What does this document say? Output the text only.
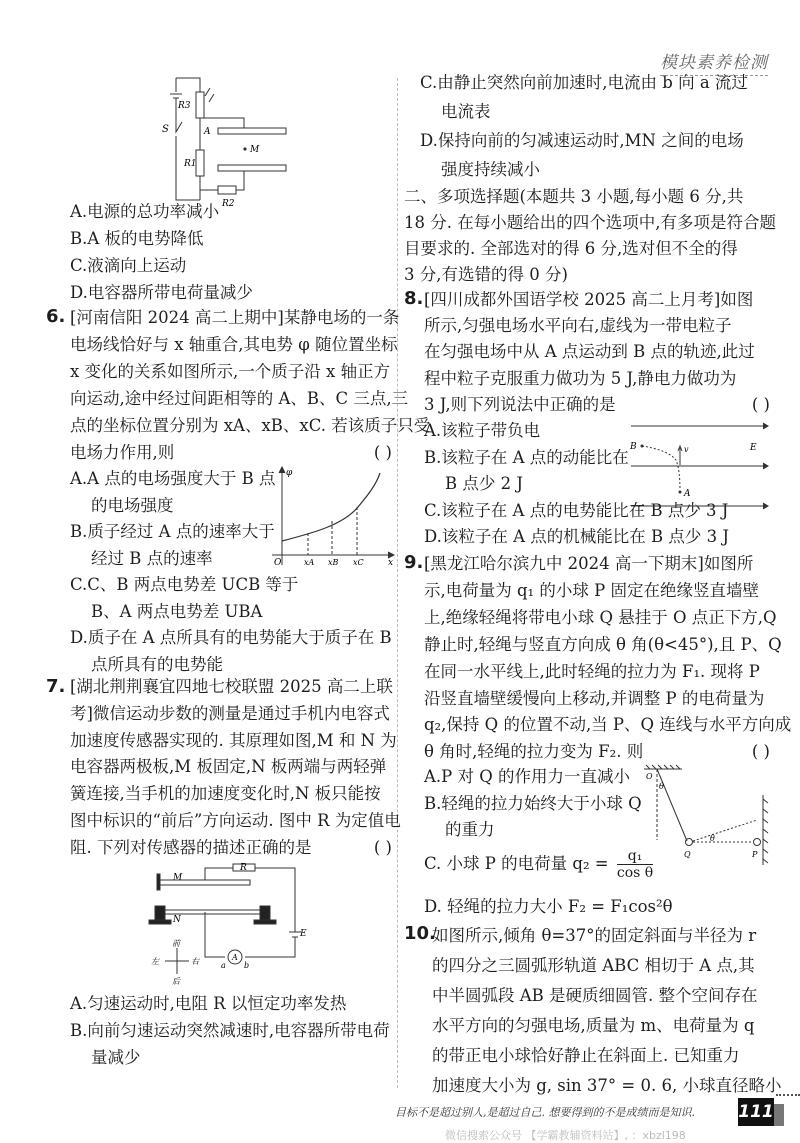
模块素养检测
R3
S	A
R1
M
R2
A.电源的总功率减小
B.A 板的电势降低
C.液滴向上运动
D.电容器所带电荷量减少
6.
( )
[河南信阳 2024 高二上期中]某静电场的一条
电场线恰好与 x 轴重合,其电势 φ 随位置坐标
x 变化的关系如图所示,一个质子沿 x 轴正方
向运动,途中经过间距相等的 A、B、C 三点,三
点的坐标位置分别为 xA、xB、xC. 若该质子只受
电场力作用,则
A.A 点的电场强度大于 B 点
的电场强度
B.质子经过 A 点的速率大于
经过 B 点的速率
C.C、B 两点电势差 UCB 等于
B、A 两点电势差 UBA
D.质子在 A 点所具有的电势能大于质子在 B
点所具有的电势能
φ
O	xA xB xC	x
7.
( )
[湖北荆荆襄宜四地七校联盟 2025 高二上联
考]微信运动步数的测量是通过手机内电容式
加速度传感器实现的. 其原理如图,M 和 N 为
电容器两极板,M 板固定,N 板两端与两轻弹
簧连接,当手机的加速度变化时,N 板只能按
图中标识的“前后”方向运动. 图中 R 为定值电
阻. 下列对传感器的描述正确的是
M
R
N
E
前
后
左	右	a
A
b
A.匀速运动时,电阻 R 以恒定功率发热
B.向前匀速运动突然减速时,电容器所带电荷
量减少
C.由静止突然向前加速时,电流由 b 向 a 流过
电流表
D.保持向前的匀减速运动时,MN 之间的电场
强度持续减小
二、多项选择题(本题共 3 小题,每小题 6 分,共
18 分. 在每小题给出的四个选项中,有多项是符合题
目要求的. 全部选对的得 6 分,选对但不全的得
3 分,有选错的得 0 分)
8.
( )
[四川成都外国语学校 2025 高二上月考]如图
所示,匀强电场水平向右,虚线为一带电粒子
在匀强电场中从 A 点运动到 B 点的轨迹,此过
程中粒子克服重力做功为 5 J,静电力做功为
3 J,则下列说法中正确的是
A.该粒子带负电
B.该粒子在 A 点的动能比在
B 点少 2 J
C.该粒子在 A 点的电势能比在 B 点少 3 J
D.该粒子在 A 点的机械能比在 B 点少 3 J
B	v	E
A
9.
( )
[黑龙江哈尔滨九中 2024 高一下期末]如图所
示,电荷量为 q₁ 的小球 P 固定在绝缘竖直墙壁
上,绝缘轻绳将带电小球 Q 悬挂于 O 点正下方,Q
静止时,轻绳与竖直方向成 θ 角(θ<45°),且 P、Q
在同一水平线上,此时轻绳的拉力为 F₁. 现将 P
沿竖直墙壁缓慢向上移动,并调整 P 的电荷量为
q₂,保持 Q 的位置不动,当 P、Q 连线与水平方向成
θ 角时,轻绳的拉力变为 F₂. 则
A.P 对 Q 的作用力一直减小
B.轻绳的拉力始终大于小球 Q
的重力
C. 小球 P 的电荷量 $q_2 = \frac{\text{q₁}}{\text{cos θ}}$
D. 轻绳的拉力大小 F₂ = F₁cos²θ
O
θ
Q
θ
P
10.
如图所示,倾角 θ=37°的固定斜面与半径为 r
的四分之三圆弧形轨道 ABC 相切于 A 点,其
中半圆弧段 AB 是硬质细圆管. 整个空间存在
水平方向的匀强电场,质量为 m、电荷量为 q
的带正电小球恰好静止在斜面上. 已知重力
加速度大小为 g, sin 37° = 0. 6, 小球直径略小
目标不是超过别人,是超过自己. 想要得到的不是成绩而是知识.	111
微信搜索公众号 【学霸教辅资料站】, ：xbzl198
